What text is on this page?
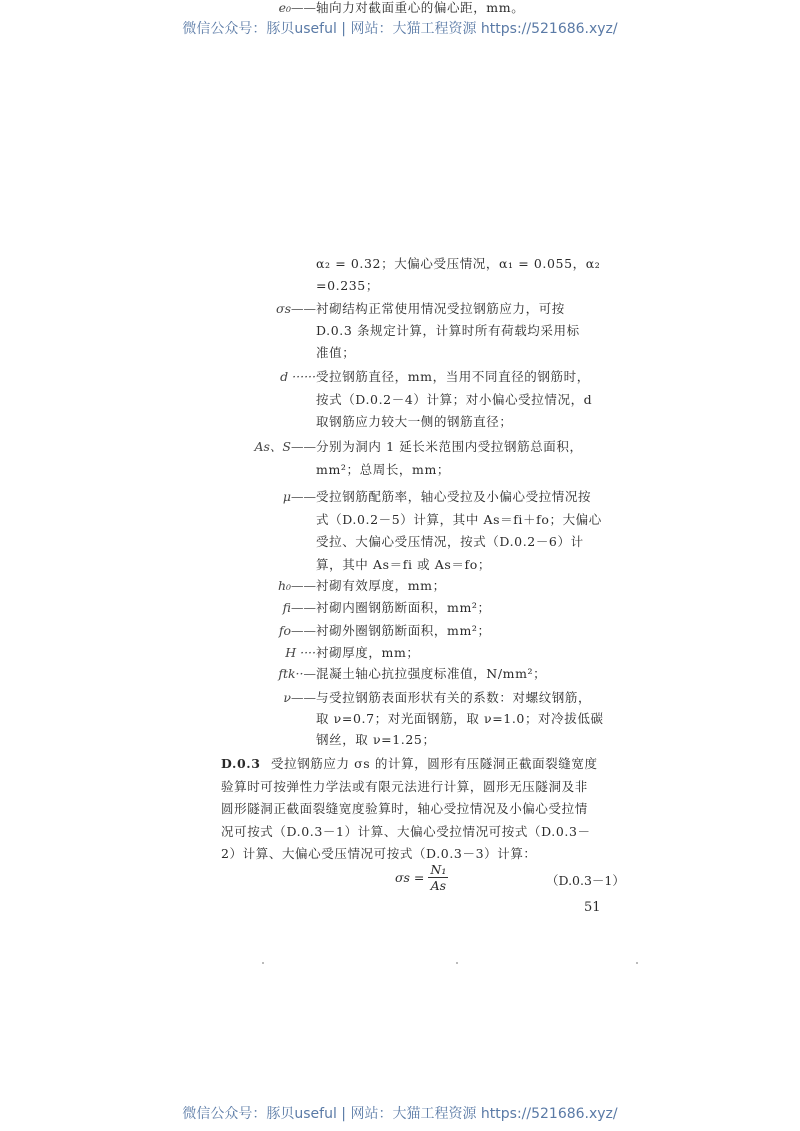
微信公众号：豚贝useful | 网站：大猫工程资源 https://521686.xyz/
α₂ = 0.32；大偏心受压情况，α₁ = 0.055，α₂
=0.235；
σs—— 衬砌结构正常使用情况受拉钢筋应力，可按
D.0.3 条规定计算，计算时所有荷载均采用标
准值；
d ······ 受拉钢筋直径，mm，当用不同直径的钢筋时，
按式（D.0.2－4）计算；对小偏心受拉情况，d
取钢筋应力较大一侧的钢筋直径；
As、S—— 分别为洞内 1 延长米范围内受拉钢筋总面积，
mm²；总周长，mm；
μ—— 受拉钢筋配筋率，轴心受拉及小偏心受拉情况按
式（D.0.2－5）计算，其中 As＝fi＋fo；大偏心
受拉、大偏心受压情况，按式（D.0.2－6）计
算，其中 As＝fi 或 As＝fo；
h₀—— 衬砌有效厚度，mm；
fi—— 衬砌内圈钢筋断面积，mm²；
fo—— 衬砌外圈钢筋断面积，mm²；
H ···· 衬砌厚度，mm；
ftk··— 混凝土轴心抗拉强度标准值，N/mm²；
ν—— 与受拉钢筋表面形状有关的系数：对螺纹钢筋，
取 ν=0.7；对光面钢筋，取 ν=1.0；对冷拔低碳
钢丝，取 ν=1.25；
e₀—— 轴向力对截面重心的偏心距，mm。
D.0.3 受拉钢筋应力 σs 的计算，圆形有压隧洞正截面裂缝宽度
验算时可按弹性力学法或有限元法进行计算，圆形无压隧洞及非
圆形隧洞正截面裂缝宽度验算时，轴心受拉情况及小偏心受拉情
况可按式（D.0.3－1）计算、大偏心受拉情况可按式（D.0.3－
2）计算、大偏心受压情况可按式（D.0.3－3）计算：
$\sigma s = \frac{\text{N₁}}{As}$	（D.0.3－1）
51
微信公众号：豚贝useful | 网站：大猫工程资源 https://521686.xyz/
